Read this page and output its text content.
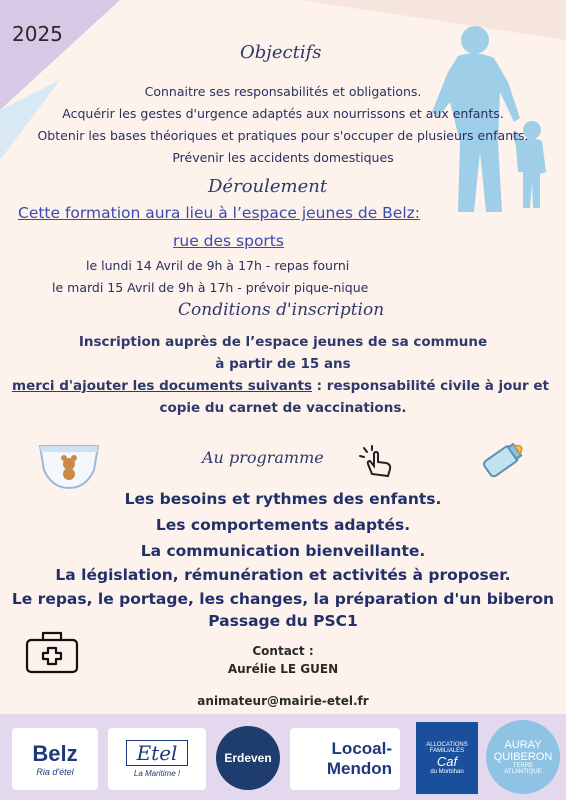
2025
Objectifs
Connaitre ses responsabilités et obligations.
Acquérir les gestes d'urgence adaptés aux nourrissons et aux enfants.
Obtenir les bases théoriques et pratiques pour s'occuper de plusieurs enfants.
Prévenir les accidents domestiques
Déroulement
Cette formation aura lieu à l’espace jeunes de Belz:
rue des sports
le lundi 14 Avril de 9h à 17h - repas fourni
le mardi 15 Avril de 9h à 17h - prévoir pique-nique
Conditions d'inscription
Inscription auprès de l’espace jeunes de sa commune
à partir de 15 ans
merci d'ajouter les documents suivants : responsabilité civile à jour et
copie du carnet de vaccinations.
Au programme
Les besoins et rythmes des enfants.
Les comportements adaptés.
La communication bienveillante.
La législation, rémunération et activités à proposer.
Le repas, le portage, les changes, la préparation d'un biberon
Passage du PSC1
Contact :
Aurélie LE GUEN
animateur@mairie-etel.fr
Belz
Ria d'étel
Etel
La Maritime !
Erdeven	Locoal-
Mendon
ALLOCATIONS
FAMILIALES
Caf
du Morbihan
AURAY
QUIBERON
TERRE
ATLANTIQUE
